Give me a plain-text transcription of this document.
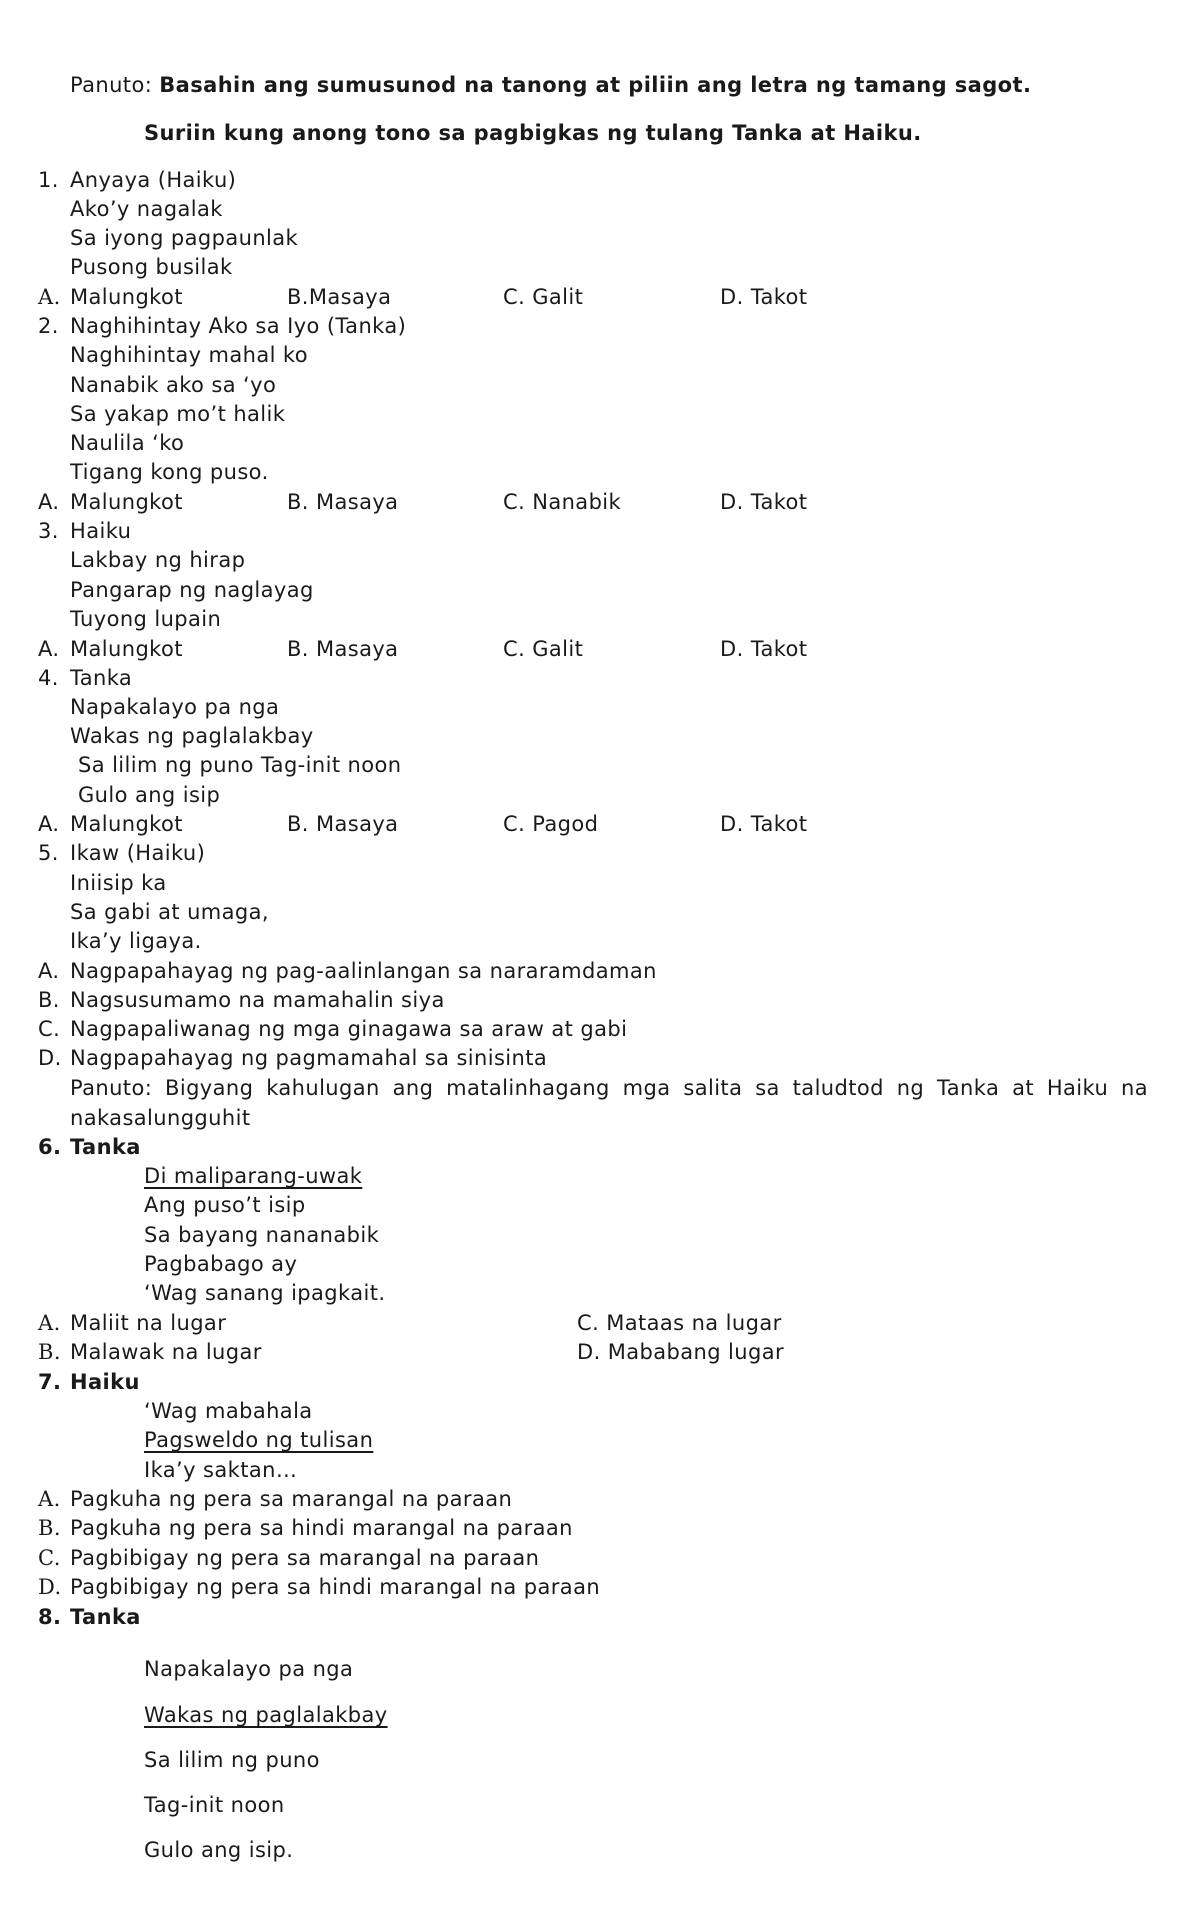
Panuto: Basahin ang sumusunod na tanong at piliin ang letra ng tamang sagot.
Suriin kung anong tono sa pagbigkas ng tulang Tanka at Haiku.
1. Anyaya (Haiku)
Ako’y nagalak
Sa iyong pagpaunlak
Pusong busilak
A. Malungkot	B.Masaya	C. Galit	D. Takot
2. Naghihintay Ako sa Iyo (Tanka)
Naghihintay mahal ko
Nanabik ako sa ‘yo
Sa yakap mo’t halik
Naulila ‘ko
Tigang kong puso.
A. Malungkot	B. Masaya	C. Nanabik	D. Takot
3. Haiku
Lakbay ng hirap
Pangarap ng naglayag
Tuyong lupain
A. Malungkot	B. Masaya	C. Galit	D. Takot
4. Tanka
Napakalayo pa nga
Wakas ng paglalakbay
Sa lilim ng puno Tag-init noon
Gulo ang isip
A. Malungkot	B. Masaya	C. Pagod	D. Takot
5. Ikaw (Haiku)
Iniisip ka
Sa gabi at umaga,
Ika’y ligaya.
A. Nagpapahayag ng pag-aalinlangan sa nararamdaman
B. Nagsusumamo na mamahalin siya
C. Nagpapaliwanag ng mga ginagawa sa araw at gabi
D. Nagpapahayag ng pagmamahal sa sinisinta
Panuto: Bigyang kahulugan ang matalinhagang mga salita sa taludtod ng Tanka at Haiku na nakasalungguhit
6. Tanka
Di maliparang-uwak
Ang puso’t isip
Sa bayang nananabik
Pagbabago ay
‘Wag sanang ipagkait.
A. Maliit na lugar	C. Mataas na lugar
B. Malawak na lugar	D. Mababang lugar
7. Haiku
‘Wag mabahala
Pagsweldo ng tulisan
Ika’y saktan…
A. Pagkuha ng pera sa marangal na paraan
B. Pagkuha ng pera sa hindi marangal na paraan
C. Pagbibigay ng pera sa marangal na paraan
D. Pagbibigay ng pera sa hindi marangal na paraan
8. Tanka
Napakalayo pa nga
Wakas ng paglalakbay
Sa lilim ng puno
Tag-init noon
Gulo ang isip.
